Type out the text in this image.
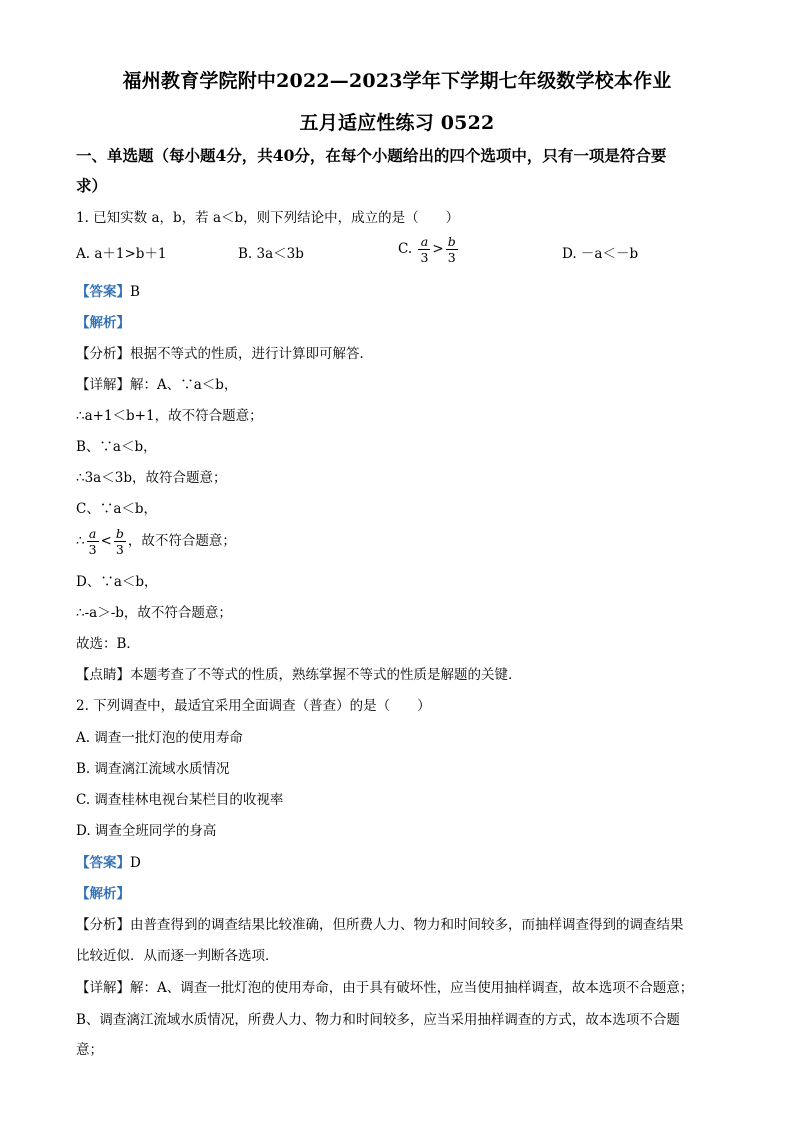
福州教育学院附中2022—2023学年下学期七年级数学校本作业
五月适应性练习 0522
一、单选题（每小题4分，共40分，在每个小题给出的四个选项中，只有一项是符合要
求）
1. 已知实数 a，b，若 a＜b，则下列结论中，成立的是（　　）
A. a＋1>b＋1	B. 3a＜3b	C. $\frac{a}{3} > \frac{b}{3}$	D. －a＜－b
【答案】B
【解析】
【分析】根据不等式的性质，进行计算即可解答．
【详解】解：A、∵a＜b，
∴a+1＜b+1，故不符合题意；
B、∵a＜b，
∴3a＜3b，故符合题意；
C、∵a＜b，
∴ $\frac{a}{3} < \frac{b}{3}$ ，故不符合题意；
D、∵a＜b，
∴-a＞-b，故不符合题意；
故选：B．
【点睛】本题考查了不等式的性质，熟练掌握不等式的性质是解题的关键．
2. 下列调查中，最适宜采用全面调查（普查）的是（　　）
A. 调查一批灯泡的使用寿命
B. 调查漓江流域水质情况
C. 调查桂林电视台某栏目的收视率
D. 调查全班同学的身高
【答案】D
【解析】
【分析】由普查得到的调查结果比较准确，但所费人力、物力和时间较多，而抽样调查得到的调查结果
比较近似．从而逐一判断各选项．
【详解】解：A、调查一批灯泡的使用寿命，由于具有破坏性，应当使用抽样调查，故本选项不合题意；
B、调查漓江流域水质情况，所费人力、物力和时间较多，应当采用抽样调查的方式，故本选项不合题
意；
